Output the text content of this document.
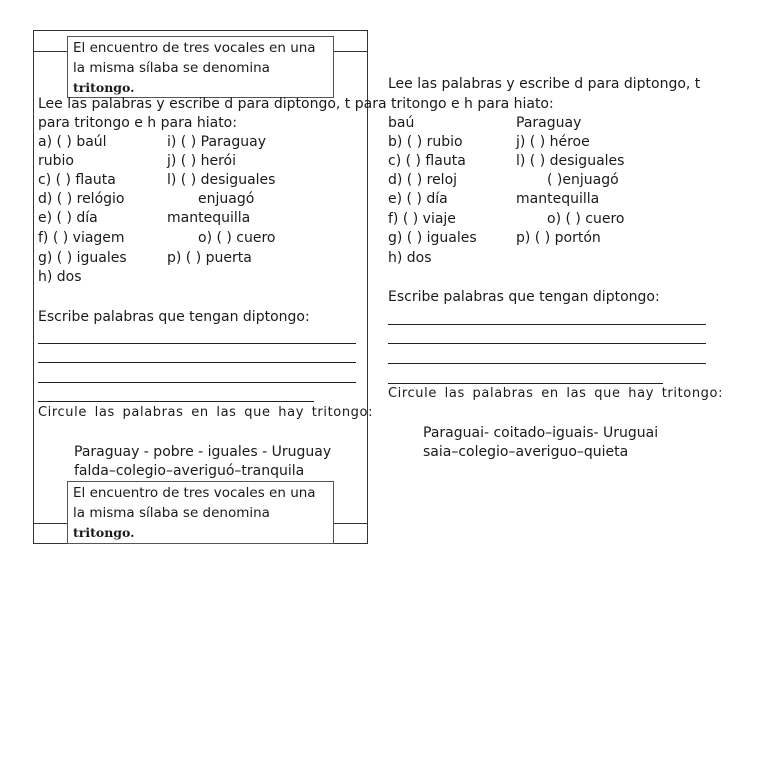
El encuentro de tres vocales en una
la misma sílaba se denomina
tritongo.
Lee las palabras y escribe d para diptongo, t para tritongo e h para hiato:
para tritongo e h para hiato:
a) ( ) baúl
rubio
c) ( ) flauta
d) ( ) relógio
e) ( ) día
f) ( ) viagem
g) ( ) iguales
h) dos
i) ( ) Paraguay
j) ( ) herói
l) ( ) desiguales
enjuagó
mantequilla
o) ( ) cuero
p) ( ) puerta
Escribe palabras que tengan diptongo:
Circule las palabras en las que hay tritongo:
Paraguay - pobre - iguales - Uruguay
falda–colegio–averiguó–tranquila
El encuentro de tres vocales en una
la misma sílaba se denomina
tritongo.
Lee las palabras y escribe d para diptongo, t
baú
b) ( ) rubio
c) ( ) flauta
d) ( ) reloj
e) ( ) día
f) ( ) viaje
g) ( ) iguales
h) dos
Paraguay
j) ( ) héroe
l) ( ) desiguales
( )enjuagó
mantequilla
o) ( ) cuero
p) ( ) portón
Escribe palabras que tengan diptongo:
Circule las palabras en las que hay tritongo:
Paraguai- coitado–iguais- Uruguai
saia–colegio–averiguo–quieta
